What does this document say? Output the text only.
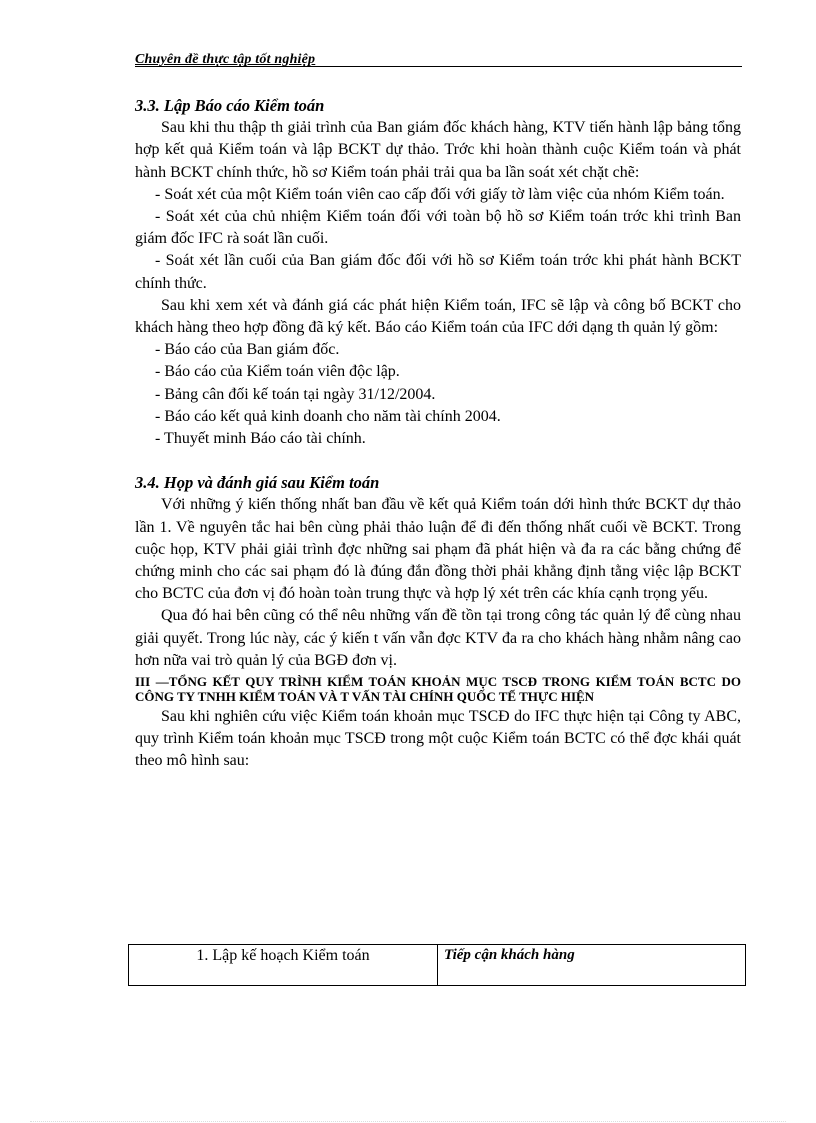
Chuyên đề thực tập tốt nghiệp

3.3. Lập Báo cáo Kiểm toán

Sau khi thu thập th giải trình của Ban giám đốc khách hàng, KTV tiến hành lập bảng tổng hợp kết quả Kiểm toán và lập BCKT dự thảo. Trớc khi hoàn thành cuộc Kiểm toán và phát hành BCKT chính thức, hồ sơ Kiểm toán phải trải qua ba lần soát xét chặt chẽ:

- Soát xét của một Kiểm toán viên cao cấp đối với giấy tờ làm việc của nhóm Kiểm toán.

- Soát xét của chủ nhiệm Kiểm toán đối với toàn bộ hồ sơ Kiểm toán trớc khi trình Ban giám đốc IFC rà soát lần cuối.

- Soát xét lần cuối của Ban giám đốc đối với hồ sơ Kiểm toán trớc khi phát hành BCKT chính thức.

Sau khi xem xét và đánh giá các phát hiện Kiểm toán, IFC sẽ lập và công bố BCKT cho khách hàng theo hợp đồng đã ký kết. Báo cáo Kiểm toán của IFC dới dạng th quản lý gồm:

- Báo cáo của Ban giám đốc.

- Báo cáo của Kiểm toán viên độc lập.

- Bảng cân đối kế toán tại ngày 31/12/2004.

- Báo cáo kết quả kinh doanh cho năm tài chính 2004.

- Thuyết minh Báo cáo tài chính.

3.4. Họp và đánh giá sau Kiểm toán

Với những ý kiến thống nhất ban đầu về kết quả Kiểm toán dới hình thức BCKT dự thảo lần 1. Về nguyên tắc hai bên cùng phải thảo luận để đi đến thống nhất cuối về BCKT. Trong cuộc họp, KTV phải giải trình đợc những sai phạm đã phát hiện và đa ra các bằng chứng để chứng minh cho các sai phạm đó là đúng đắn đồng thời phải khẳng định tằng việc lập BCKT cho BCTC của đơn vị đó hoàn toàn trung thực và hợp lý xét trên các khía cạnh trọng yếu.

Qua đó hai bên cũng có thể nêu những vấn đề tồn tại trong công tác quản lý để cùng nhau giải quyết. Trong lúc này, các ý kiến t vấn vẫn đợc KTV đa ra cho khách hàng nhằm nâng cao hơn nữa vai trò quản lý của BGĐ đơn vị.

III —TỔNG KẾT QUY TRÌNH KIỂM TOÁN KHOẢN MỤC TSCĐ TRONG KIỂM TOÁN BCTC DO CÔNG TY TNHH KIỂM TOÁN VÀ T VẤN TÀI CHÍNH QUỐC TẾ THỰC HIỆN

Sau khi nghiên cứu việc Kiểm toán khoản mục TSCĐ do IFC thực hiện tại Công ty ABC, quy trình Kiểm toán khoản mục TSCĐ trong một cuộc Kiểm toán BCTC có thể đợc khái quát theo mô hình sau:

1. Lập kế hoạch Kiểm toán	Tiếp cận khách hàng
